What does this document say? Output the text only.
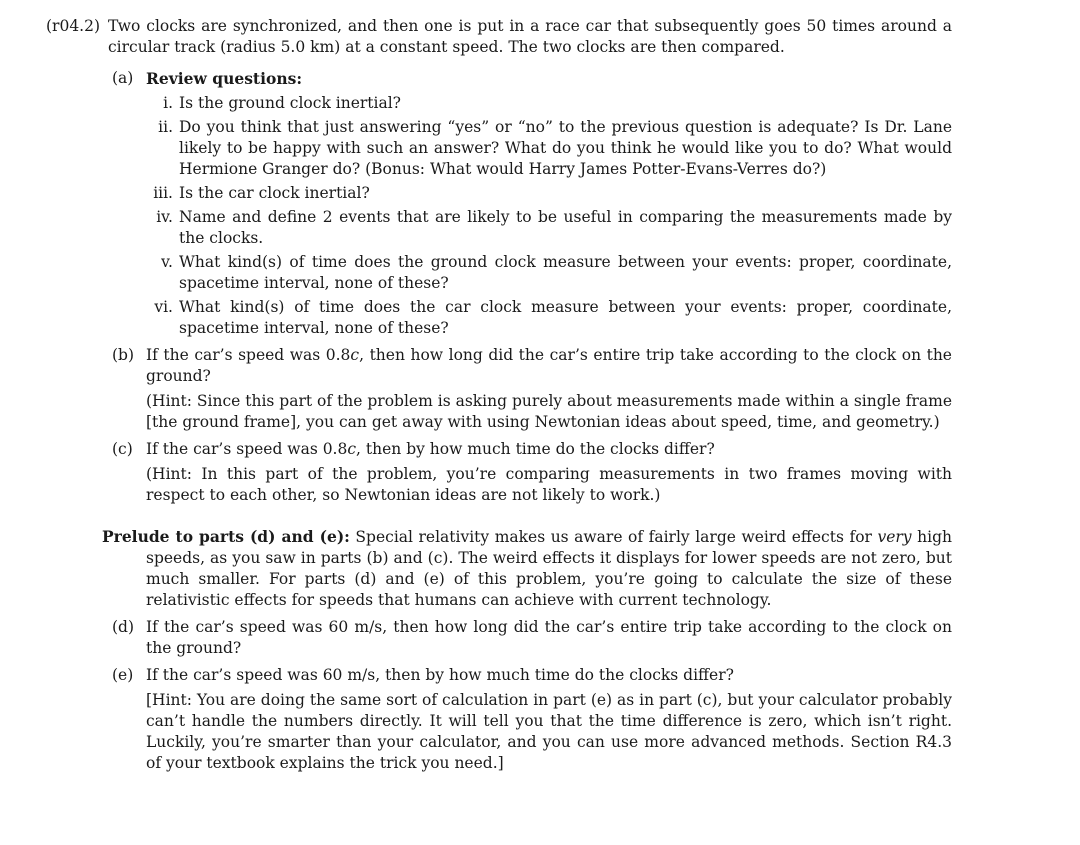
(r04.2) Two clocks are synchronized, and then one is put in a race car that subsequently goes 50 times around a circular track (radius 5.0 km) at a constant speed. The two clocks are then compared.
(a) Review questions:
i. Is the ground clock inertial?
ii. Do you think that just answering “yes” or “no” to the previous question is adequate? Is Dr. Lane likely to be happy with such an answer? What do you think he would like you to do? What would Hermione Granger do? (Bonus: What would Harry James Potter-Evans-Verres do?)
iii. Is the car clock inertial?
iv. Name and define 2 events that are likely to be useful in comparing the measurements made by the clocks.
v. What kind(s) of time does the ground clock measure between your events: proper, coordinate, spacetime interval, none of these?
vi. What kind(s) of time does the car clock measure between your events: proper, coordinate, spacetime interval, none of these?
(b) If the car’s speed was 0.8c, then how long did the car’s entire trip take according to the clock on the ground?
(Hint: Since this part of the problem is asking purely about measurements made within a single frame [the ground frame], you can get away with using Newtonian ideas about speed, time, and geometry.)
(c) If the car’s speed was 0.8c, then by how much time do the clocks differ?
(Hint: In this part of the problem, you’re comparing measurements in two frames moving with respect to each other, so Newtonian ideas are not likely to work.)
Prelude to parts (d) and (e): Special relativity makes us aware of fairly large weird effects for very high speeds, as you saw in parts (b) and (c). The weird effects it displays for lower speeds are not zero, but much smaller. For parts (d) and (e) of this problem, you’re going to calculate the size of these relativistic effects for speeds that humans can achieve with current technology.
(d) If the car’s speed was 60 m/s, then how long did the car’s entire trip take according to the clock on the ground?
(e) If the car’s speed was 60 m/s, then by how much time do the clocks differ?
[Hint: You are doing the same sort of calculation in part (e) as in part (c), but your calculator probably can’t handle the numbers directly. It will tell you that the time difference is zero, which isn’t right. Luckily, you’re smarter than your calculator, and you can use more advanced methods. Section R4.3 of your textbook explains the trick you need.]
